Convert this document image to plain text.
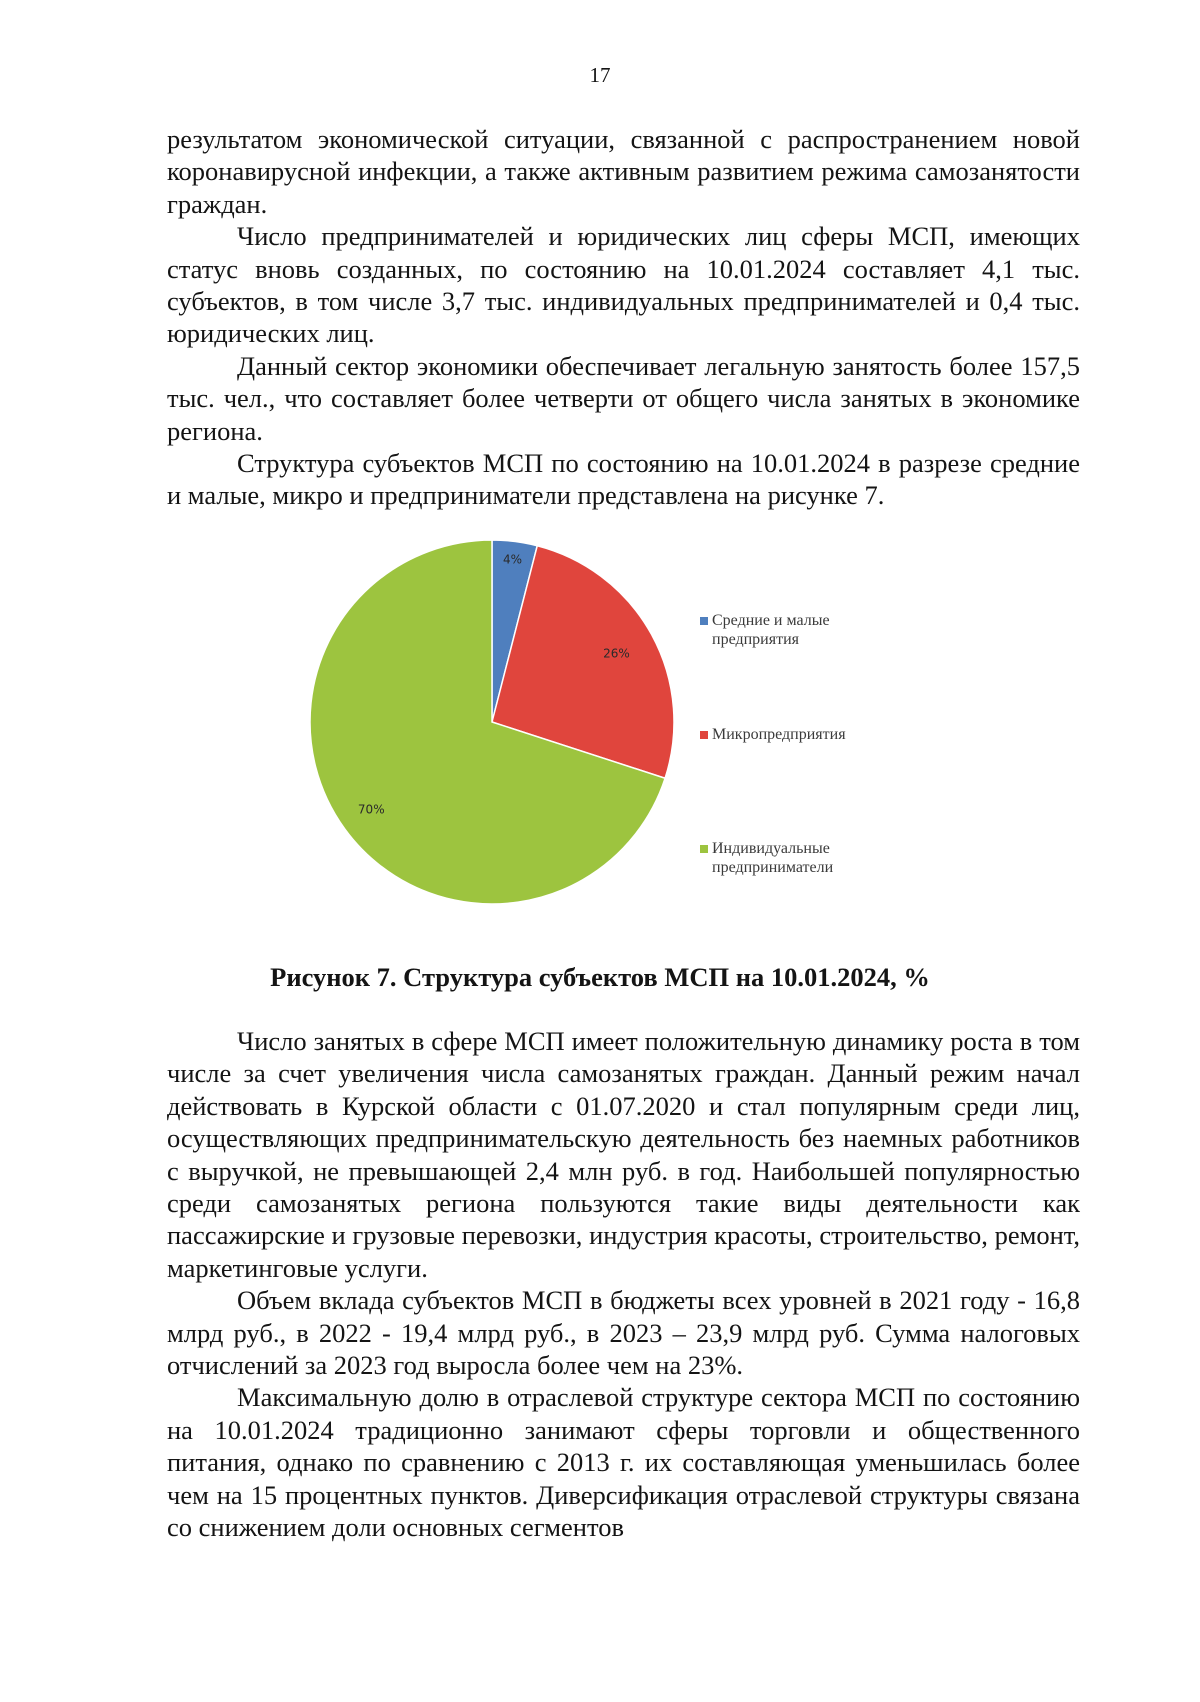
17

результатом экономической ситуации, связанной с распространением новой коронавирусной инфекции, а также активным развитием режима самозанятости граждан.

Число предпринимателей и юридических лиц сферы МСП, имеющих статус вновь созданных, по состоянию на 10.01.2024 составляет 4,1 тыс. субъектов, в том числе 3,7 тыс. индивидуальных предпринимателей и 0,4 тыс. юридических лиц.

Данный сектор экономики обеспечивает легальную занятость более 157,5 тыс. чел., что составляет более четверти от общего числа занятых в экономике региона.

Структура субъектов МСП по состоянию на 10.01.2024 в разрезе средние и малые, микро и предприниматели представлена на рисунке 7.

4%
26%
70%
Средние и малые предприятия
Микропредприятия
Индивидуальные предприниматели
Рисунок 7. Структура субъектов МСП на 10.01.2024, %

Число занятых в сфере МСП имеет положительную динамику роста в том числе за счет увеличения числа самозанятых граждан. Данный режим начал действовать в Курской области с 01.07.2020 и стал популярным среди лиц, осуществляющих предпринимательскую деятельность без наемных работников с выручкой, не превышающей 2,4 млн руб. в год. Наибольшей популярностью среди самозанятых региона пользуются такие виды деятельности как пассажирские и грузовые перевозки, индустрия красоты, строительство, ремонт, маркетинговые услуги.

Объем вклада субъектов МСП в бюджеты всех уровней в 2021 году - 16,8 млрд руб., в 2022 - 19,4 млрд руб., в 2023 – 23,9 млрд руб. Сумма налоговых отчислений за 2023 год выросла более чем на 23%.

Максимальную долю в отраслевой структуре сектора МСП по состоянию на 10.01.2024 традиционно занимают сферы торговли и общественного питания, однако по сравнению с 2013 г. их составляющая уменьшилась более чем на 15 процентных пунктов. Диверсификация отраслевой структуры связана со снижением доли основных сегментов
